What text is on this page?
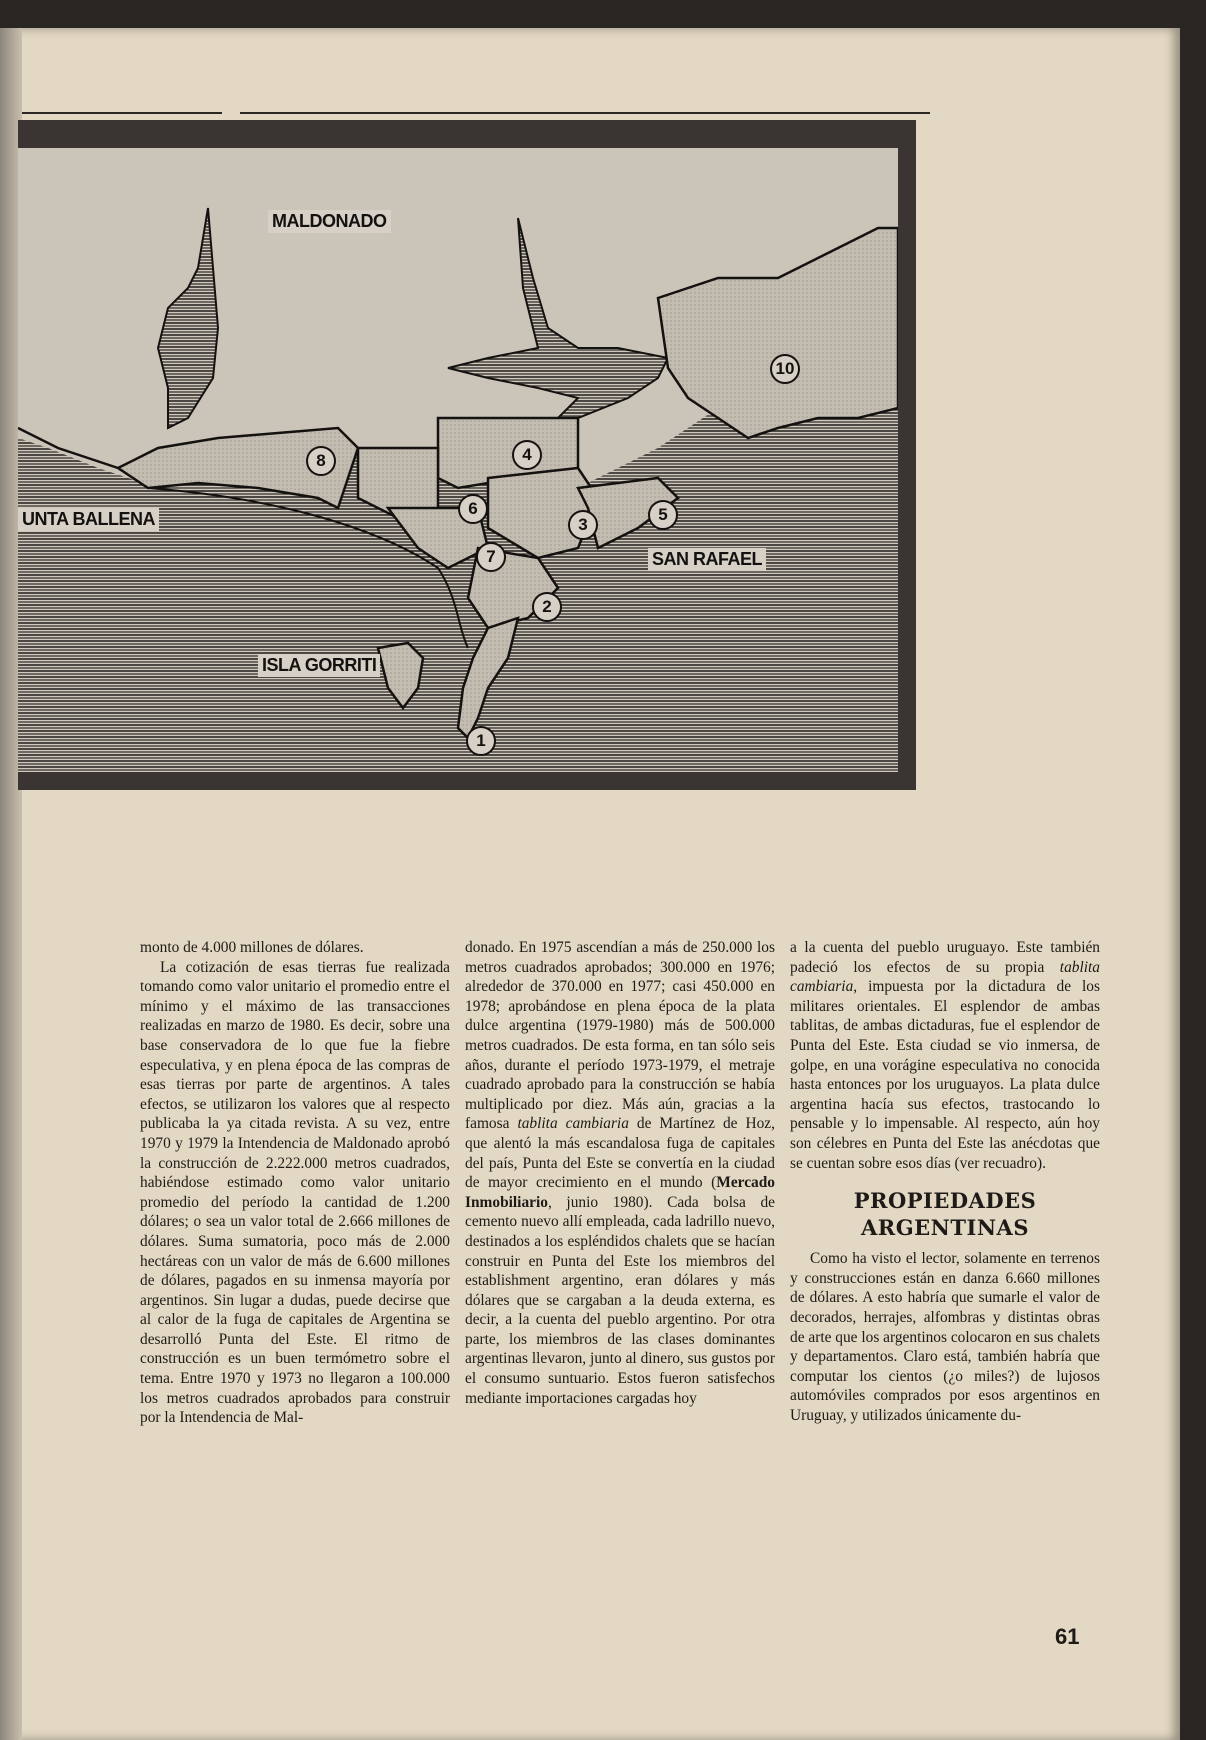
MALDONADO
UNTA BALLENA
SAN RAFAEL
ISLA GORRITI
1
2
3
4
5
6
7
8
10

monto de 4.000 millones de dólares.

La cotización de esas tierras fue realizada tomando como valor unitario el promedio entre el mínimo y el máximo de las transacciones realizadas en marzo de 1980. Es decir, sobre una base conservadora de lo que fue la fiebre especulativa, y en plena época de las compras de esas tierras por parte de argentinos. A tales efectos, se utilizaron los valores que al respecto publicaba la ya citada revista. A su vez, entre 1970 y 1979 la Intendencia de Maldonado aprobó la construcción de 2.222.000 metros cuadrados, habiéndose estimado como valor unitario promedio del período la cantidad de 1.200 dólares; o sea un valor total de 2.666 millones de dólares. Suma sumatoria, poco más de 2.000 hectáreas con un valor de más de 6.600 millones de dólares, pagados en su inmensa mayoría por argentinos. Sin lugar a dudas, puede decirse que al calor de la fuga de capitales de Argentina se desarrolló Punta del Este. El ritmo de construcción es un buen termómetro sobre el tema. Entre 1970 y 1973 no llegaron a 100.000 los metros cuadrados aprobados para construir por la Intendencia de Mal-

donado. En 1975 ascendían a más de 250.000 los metros cuadrados aprobados; 300.000 en 1976; alrededor de 370.000 en 1977; casi 450.000 en 1978; aprobándose en plena época de la plata dulce argentina (1979-1980) más de 500.000 metros cuadrados. De esta forma, en tan sólo seis años, durante el período 1973-1979, el metraje cuadrado aprobado para la construcción se había multiplicado por diez. Más aún, gracias a la famosa tablita cambiaria de Martínez de Hoz, que alentó la más escandalosa fuga de capitales del país, Punta del Este se convertía en la ciudad de mayor crecimiento en el mundo (Mercado Inmobiliario, junio 1980). Cada bolsa de cemento nuevo allí empleada, cada ladrillo nuevo, destinados a los espléndidos chalets que se hacían construir en Punta del Este los miembros del establishment argentino, eran dólares y más dólares que se cargaban a la deuda externa, es decir, a la cuenta del pueblo argentino. Por otra parte, los miembros de las clases dominantes argentinas llevaron, junto al dinero, sus gustos por el consumo suntuario. Estos fueron satisfechos mediante importaciones cargadas hoy

a la cuenta del pueblo uruguayo. Este también padeció los efectos de su propia tablita cambiaria, impuesta por la dictadura de los militares orientales. El esplendor de ambas tablitas, de ambas dictaduras, fue el esplendor de Punta del Este. Esta ciudad se vio inmersa, de golpe, en una vorágine especulativa no conocida hasta entonces por los uruguayos. La plata dulce argentina hacía sus efectos, trastocando lo pensable y lo impensable. Al respecto, aún hoy son célebres en Punta del Este las anécdotas que se cuentan sobre esos días (ver recuadro).

PROPIEDADES ARGENTINAS

Como ha visto el lector, solamente en terrenos y construcciones están en danza 6.660 millones de dólares. A esto habría que sumarle el valor de decorados, herrajes, alfombras y distintas obras de arte que los argentinos colocaron en sus chalets y departamentos. Claro está, también habría que computar los cientos (¿o miles?) de lujosos automóviles comprados por esos argentinos en Uruguay, y utilizados únicamente du-

61
